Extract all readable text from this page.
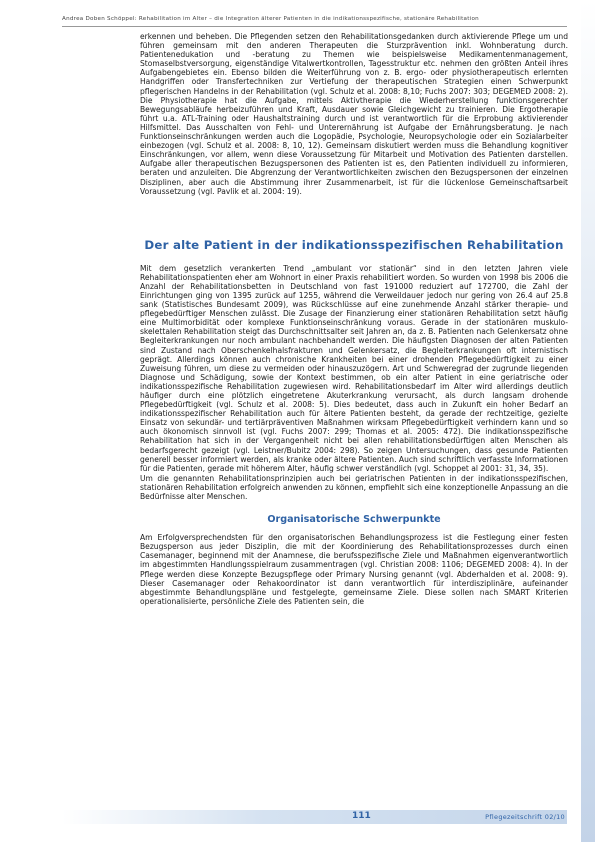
Andrea Doben Schöppel: Rehabilitation im Alter – die Integration älterer Patienten in die indikationsspezifische, stationäre Rehabilitation

erkennen und beheben. Die Pflegenden setzen den Rehabilitationsgedanken durch aktivierende Pflege um und führen gemeinsam mit den anderen Therapeuten die Sturzprävention inkl. Wohnberatung durch. Patientenedukation und -beratung zu Themen wie beispielsweise Medikamentenmanagement, Stomaselbstversorgung, eigenständige Vitalwertkontrollen, Tagesstruktur etc. nehmen den größten Anteil ihres Aufgabengebietes ein. Ebenso bilden die Weiterführung von z. B. ergo- oder physiotherapeutisch erlernten Handgriffen oder Transfertechniken zur Vertiefung der therapeutischen Strategien einen Schwerpunkt pflegerischen Handelns in der Rehabilitation (vgl. Schulz et al. 2008: 8,10; Fuchs 2007: 303; DEGEMED 2008: 2). Die Physiotherapie hat die Aufgabe, mittels Aktivtherapie die Wiederherstellung funktionsgerechter Bewegungsabläufe herbeizuführen und Kraft, Ausdauer sowie Gleichgewicht zu trainieren. Die Ergotherapie führt u.a. ATL-Training oder Haushaltstraining durch und ist verantwortlich für die Erprobung aktivierender Hilfsmittel. Das Ausschalten von Fehl- und Unterernährung ist Aufgabe der Ernährungsberatung. Je nach Funktionseinschränkungen werden auch die Logopädie, Psychologie, Neuropsychologie oder ein Sozialarbeiter einbezogen (vgl. Schulz et al. 2008: 8, 10, 12). Gemeinsam diskutiert werden muss die Behandlung kognitiver Einschränkungen, vor allem, wenn diese Voraussetzung für Mitarbeit und Motivation des Patienten darstellen. Aufgabe aller therapeutischen Bezugspersonen des Patienten ist es, den Patienten individuell zu informieren, beraten und anzuleiten. Die Abgrenzung der Verantwortlichkeiten zwischen den Bezugspersonen der einzelnen Disziplinen, aber auch die Abstimmung ihrer Zusammenarbeit, ist für die lückenlose Gemeinschaftsarbeit Voraussetzung (vgl. Pavlik et al. 2004: 19).

Der alte Patient in der indikationsspezifischen Rehabilitation

Mit dem gesetzlich verankerten Trend „ambulant vor stationär“ sind in den letzten Jahren viele Rehabilitationspatienten eher am Wohnort in einer Praxis rehabilitiert worden. So wurden von 1998 bis 2006 die Anzahl der Rehabilitationsbetten in Deutschland von fast 191000 reduziert auf 172700, die Zahl der Einrichtungen ging von 1395 zurück auf 1255, während die Verweildauer jedoch nur gering von 26.4 auf 25.8 sank (Statistisches Bundesamt 2009), was Rückschlüsse auf eine zunehmende Anzahl stärker therapie- und pflegebedürftiger Menschen zulässt. Die Zusage der Finanzierung einer stationären Rehabilitation setzt häufig eine Multimorbidität oder komplexe Funktionseinschränkung voraus. Gerade in der stationären muskulo-skelettalen Rehabilitation steigt das Durchschnittsalter seit Jahren an, da z. B. Patienten nach Gelenkersatz ohne Begleiterkrankungen nur noch ambulant nachbehandelt werden. Die häufigsten Diagnosen der alten Patienten sind Zustand nach Oberschenkelhalsfrakturen und Gelenkersatz, die Begleiterkrankungen oft internistisch geprägt. Allerdings können auch chronische Krankheiten bei einer drohenden Pflegebedürftigkeit zu einer Zuweisung führen, um diese zu vermeiden oder hinauszuzögern. Art und Schweregrad der zugrunde liegenden Diagnose und Schädigung, sowie der Kontext bestimmen, ob ein alter Patient in eine geriatrische oder indikationsspezifische Rehabilitation zugewiesen wird. Rehabilitationsbedarf im Alter wird allerdings deutlich häufiger durch eine plötzlich eingetretene Akuterkrankung verursacht, als durch langsam drohende Pflegebedürftigkeit (vgl. Schulz et al. 2008: 5). Dies bedeutet, dass auch in Zukunft ein hoher Bedarf an indikationsspezifischer Rehabilitation auch für ältere Patienten besteht, da gerade der rechtzeitige, gezielte Einsatz von sekundär- und tertiärpräventiven Maßnahmen wirksam Pflegebedürftigkeit verhindern kann und so auch ökonomisch sinnvoll ist (vgl. Fuchs 2007: 299; Thomas et al. 2005: 472). Die indikationsspezifische Rehabilitation hat sich in der Vergangenheit nicht bei allen rehabilitationsbedürftigen alten Menschen als bedarfsgerecht gezeigt (vgl. Leistner/Bubitz 2004: 298). So zeigen Untersuchungen, dass gesunde Patienten generell besser informiert werden, als kranke oder ältere Patienten. Auch sind schriftlich verfasste Informationen für die Patienten, gerade mit höherem Alter, häufig schwer verständlich (vgl. Schoppet al 2001: 31, 34, 35).

Um die genannten Rehabilitationsprinzipien auch bei geriatrischen Patienten in der indikationsspezifischen, stationären Rehabilitation erfolgreich anwenden zu können, empfiehlt sich eine konzeptionelle Anpassung an die Bedürfnisse alter Menschen.

Organisatorische Schwerpunkte

Am Erfolgversprechendsten für den organisatorischen Behandlungsprozess ist die Festlegung einer festen Bezugsperson aus jeder Disziplin, die mit der Koordinierung des Rehabilitationsprozesses durch einen Casemanager, beginnend mit der Anamnese, die berufsspezifische Ziele und Maßnahmen eigenverantwortlich im abgestimmten Handlungsspielraum zusammentragen (vgl. Christian 2008: 1106; DEGEMED 2008: 4). In der Pflege werden diese Konzepte Bezugspflege oder Primary Nursing genannt (vgl. Abderhalden et al. 2008: 9). Dieser Casemanager oder Rehakoordinator ist dann verantwortlich für interdisziplinäre, aufeinander abgestimmte Behandlungspläne und festgelegte, gemeinsame Ziele. Diese sollen nach SMART Kriterien operationalisierte, persönliche Ziele des Patienten sein, die

111	Pflegezeitschrift 02/10
